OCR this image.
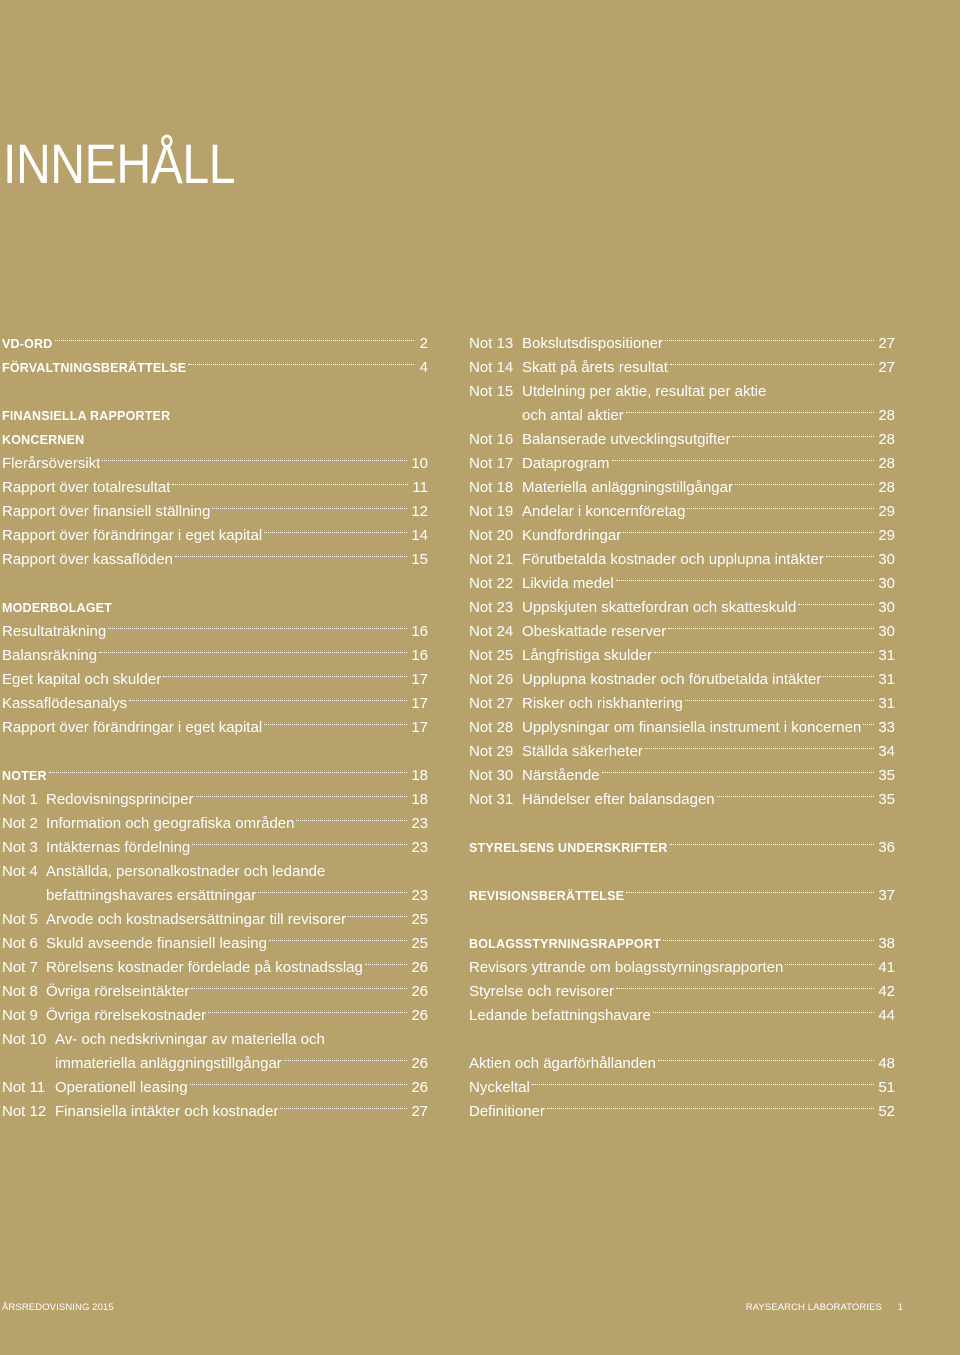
INNEHÅLL
VD-ORD	2
FÖRVALTNINGSBERÄTTELSE	4
FINANSIELLA RAPPORTER
KONCERNEN
Flerårsöversikt	10
Rapport över totalresultat	11
Rapport över finansiell ställning	12
Rapport över förändringar i eget kapital	14
Rapport över kassaflöden	15
MODERBOLAGET
Resultaträkning	16
Balansräkning	16
Eget kapital och skulder	17
Kassaflödesanalys	17
Rapport över förändringar i eget kapital	17
NOTER	18
Not 1 Redovisningsprinciper	18
Not 2 Information och geografiska områden	23
Not 3 Intäkternas fördelning	23
Not 4 Anställda, personalkostnader och ledande
befattningshavares ersättningar	23
Not 5 Arvode och kostnadsersättningar till revisorer	25
Not 6 Skuld avseende finansiell leasing	25
Not 7 Rörelsens kostnader fördelade på kostnadsslag	26
Not 8 Övriga rörelseintäkter	26
Not 9 Övriga rörelsekostnader	26
Not 10 Av- och nedskrivningar av materiella och
immateriella anläggningstillgångar	26
Not 11 Operationell leasing	26
Not 12 Finansiella intäkter och kostnader	27
Not 13 Bokslutsdispositioner	27
Not 14 Skatt på årets resultat	27
Not 15 Utdelning per aktie, resultat per aktie
och antal aktier	28
Not 16 Balanserade utvecklingsutgifter	28
Not 17 Dataprogram	28
Not 18 Materiella anläggningstillgångar	28
Not 19 Andelar i koncernföretag	29
Not 20 Kundfordringar	29
Not 21 Förutbetalda kostnader och upplupna intäkter	30
Not 22 Likvida medel	30
Not 23 Uppskjuten skattefordran och skatteskuld	30
Not 24 Obeskattade reserver	30
Not 25 Långfristiga skulder	31
Not 26 Upplupna kostnader och förutbetalda intäkter	31
Not 27 Risker och riskhantering	31
Not 28 Upplysningar om finansiella instrument i koncernen 33
Not 29 Ställda säkerheter	34
Not 30 Närstående	35
Not 31 Händelser efter balansdagen	35
STYRELSENS UNDERSKRIFTER	36
REVISIONSBERÄTTELSE	37
BOLAGSSTYRNINGSRAPPORT	38
Revisors yttrande om bolagsstyrningsrapporten	41
Styrelse och revisorer	42
Ledande befattningshavare	44
Aktien och ägarförhållanden	48
Nyckeltal	51
Definitioner	52
ÅRSREDOVISNING 2015	RAYSEARCH LABORATORIES 1
